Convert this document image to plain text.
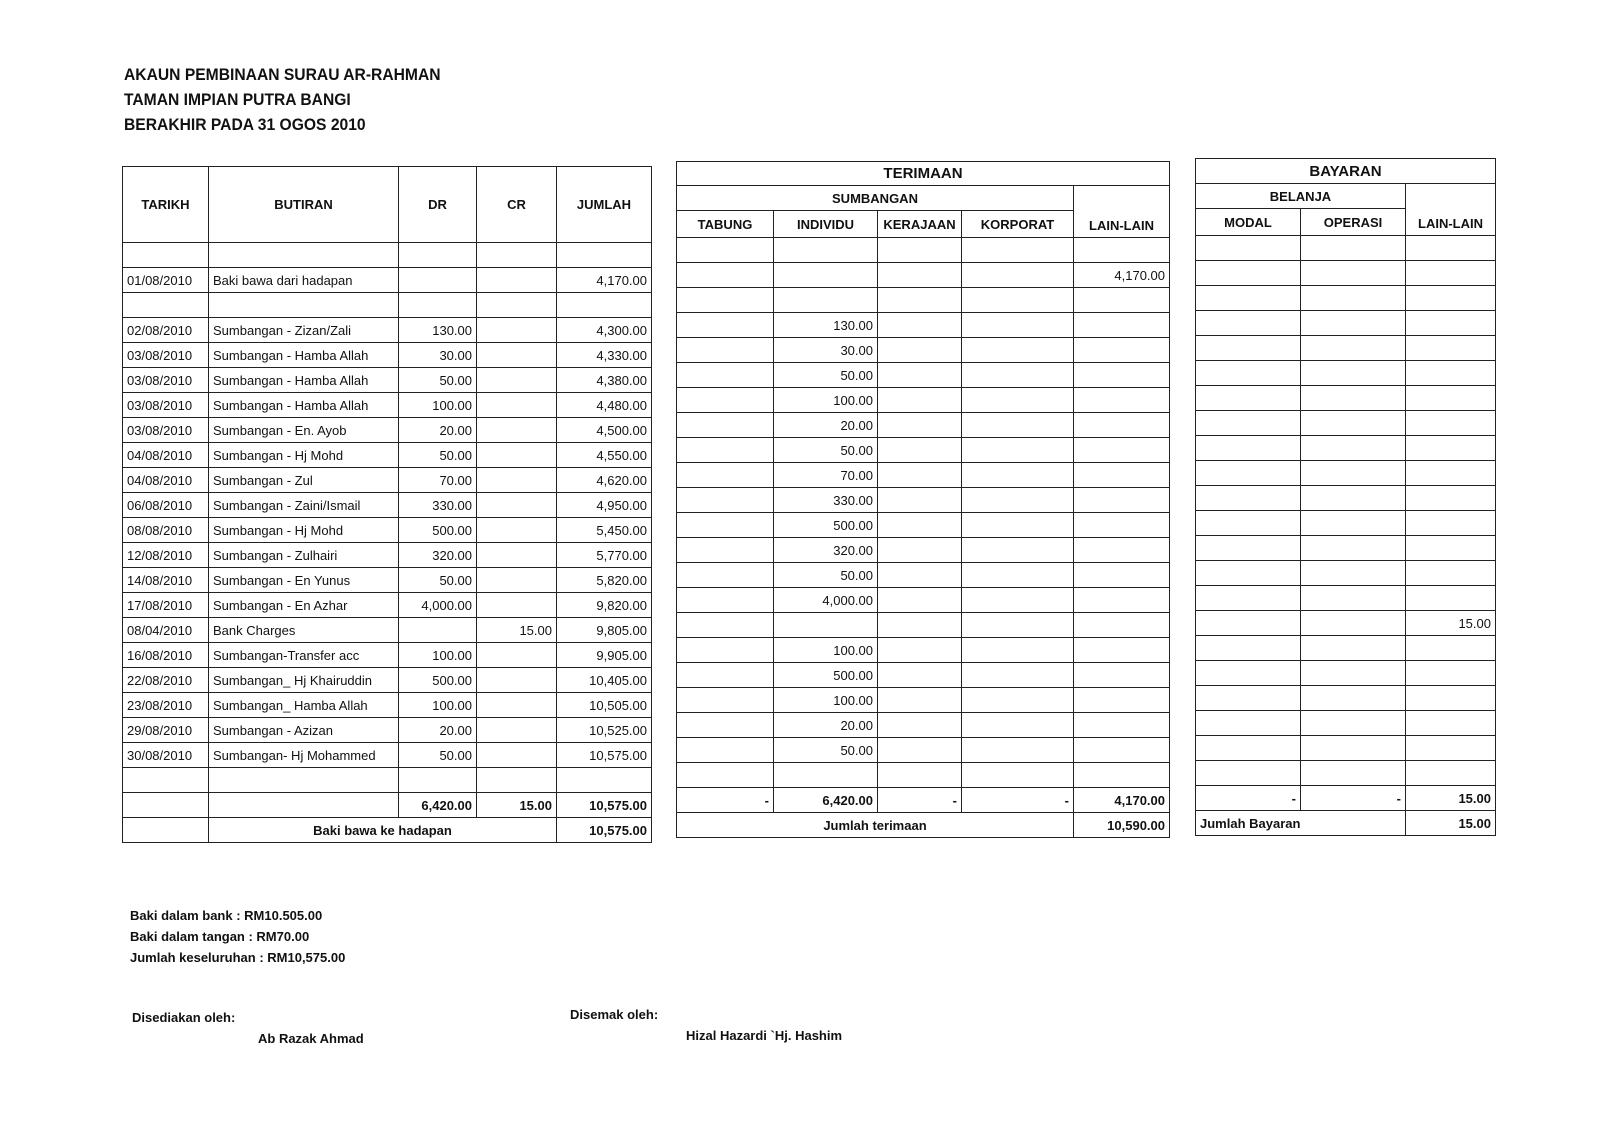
AKAUN PEMBINAAN SURAU AR-RAHMAN
TAMAN IMPIAN PUTRA BANGI
BERAKHIR PADA 31 OGOS 2010
TARIKH	BUTIRAN	DR	CR	JUMLAH

01/08/2010	Baki bawa dari hadapan			4,170.00

02/08/2010	Sumbangan - Zizan/Zali	130.00		4,300.00
03/08/2010	Sumbangan - Hamba Allah	30.00		4,330.00
03/08/2010	Sumbangan - Hamba Allah	50.00		4,380.00
03/08/2010	Sumbangan - Hamba Allah	100.00		4,480.00
03/08/2010	Sumbangan - En. Ayob	20.00		4,500.00
04/08/2010	Sumbangan - Hj Mohd	50.00		4,550.00
04/08/2010	Sumbangan - Zul	70.00		4,620.00
06/08/2010	Sumbangan - Zaini/Ismail	330.00		4,950.00
08/08/2010	Sumbangan - Hj Mohd	500.00		5,450.00
12/08/2010	Sumbangan - Zulhairi	320.00		5,770.00
14/08/2010	Sumbangan - En Yunus	50.00		5,820.00
17/08/2010	Sumbangan - En Azhar	4,000.00		9,820.00
08/04/2010	Bank Charges		15.00	9,805.00
16/08/2010	Sumbangan-Transfer acc	100.00		9,905.00
22/08/2010	Sumbangan_ Hj Khairuddin	500.00		10,405.00
23/08/2010	Sumbangan_ Hamba Allah	100.00		10,505.00
29/08/2010	Sumbangan - Azizan	20.00		10,525.00
30/08/2010	Sumbangan- Hj Mohammed	50.00		10,575.00

		6,420.00	15.00	10,575.00
	Baki bawa ke hadapan			10,575.00
TERIMAAN				
SUMBANGAN				LAIN-LAIN
TABUNG	INDIVIDU	KERAJAAN	KORPORAT	

				4,170.00

	130.00			
	30.00			
	50.00			
	100.00			
	20.00			
	50.00			
	70.00			
	330.00			
	500.00			
	320.00			
	50.00			
	4,000.00			

	100.00			
	500.00			
	100.00			
	20.00			
	50.00			

-	6,420.00	-	-	4,170.00
Jumlah terimaan				10,590.00
BAYARAN		
BELANJA		LAIN-LAIN
MODAL	OPERASI	

		15.00

-	-	15.00
Jumlah Bayaran		15.00
Baki dalam bank : RM10.505.00
Baki dalam tangan : RM70.00
Jumlah keseluruhan : RM10,575.00
Disediakan oleh:
Ab Razak Ahmad
Disemak oleh:
Hizal Hazardi `Hj. Hashim
